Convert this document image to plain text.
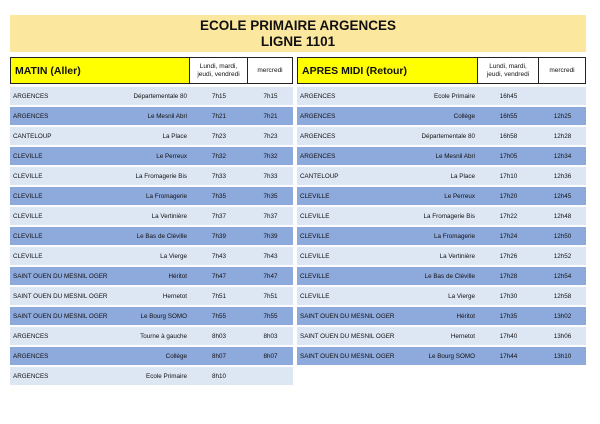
ECOLE PRIMAIRE ARGENCES
LIGNE 1101
MATIN (Aller)	Lundi, mardi,
jeudi, vendredi	mercredi
ARGENCES	Départementale 80	7h15	7h15
ARGENCES	Le Mesnil Abri	7h21	7h21
CANTELOUP	La Place	7h23	7h23
CLEVILLE	Le Perreux	7h32	7h32
CLEVILLE	La Fromagerie Bis	7h33	7h33
CLEVILLE	La Fromagerie	7h35	7h35
CLEVILLE	La Vertinière	7h37	7h37
CLEVILLE	Le Bas de Cléville	7h39	7h39
CLEVILLE	La Vierge	7h43	7h43
SAINT OUEN DU MESNIL OGER	Héritot	7h47	7h47
SAINT OUEN DU MESNIL OGER	Hernetot	7h51	7h51
SAINT OUEN DU MESNIL OGER	Le Bourg SOMO	7h55	7h55
ARGENCES	Tourne à gauche	8h03	8h03
ARGENCES	Collège	8h07	8h07
ARGENCES	Ecole Primaire	8h10
APRES MIDI (Retour)	Lundi, mardi,
jeudi, vendredi	mercredi
ARGENCES	Ecole Primaire	16h45
ARGENCES	Collège	16h55	12h25
ARGENCES	Départementale 80	16h58	12h28
ARGENCES	Le Mesnil Abri	17h05	12h34
CANTELOUP	La Place	17h10	12h36
CLEVILLE	Le Perreux	17h20	12h45
CLEVILLE	La Fromagerie Bis	17h22	12h48
CLEVILLE	La Fromagerie	17h24	12h50
CLEVILLE	La Vertinière	17h26	12h52
CLEVILLE	Le Bas de Cléville	17h28	12h54
CLEVILLE	La Vierge	17h30	12h58
SAINT OUEN DU MESNIL OGER	Héritot	17h35	13h02
SAINT OUEN DU MESNIL OGER	Hernetot	17h40	13h06
SAINT OUEN DU MESNIL OGER	Le Bourg SOMO	17h44	13h10
